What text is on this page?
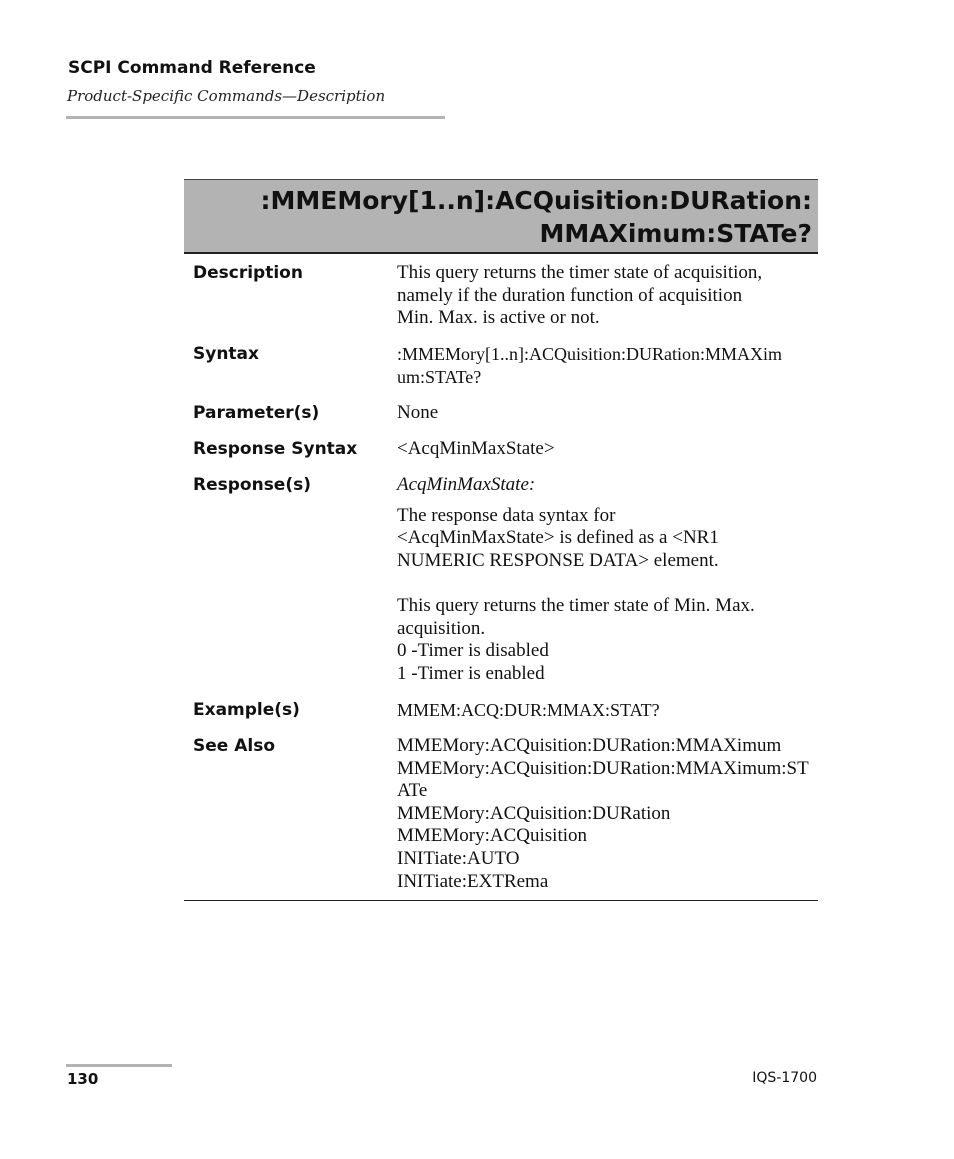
SCPI Command Reference
Product-Specific Commands—Description
:MMEMory[1..n]:ACQuisition:DURation:
MMAXimum:STATe?
Description	This query returns the timer state of acquisition,
namely if the duration function of acquisition
Min. Max. is active or not.
Syntax	:MMEMory[1..n]:ACQuisition:DURation:MMAXim
um:STATe?
Parameter(s)	None
Response Syntax <AcqMinMaxState>
Response(s)	AcqMinMaxState:
The response data syntax for
<AcqMinMaxState> is defined as a <NR1
NUMERIC RESPONSE DATA> element.
This query returns the timer state of Min. Max.
acquisition.
0 -Timer is disabled
1 -Timer is enabled
Example(s)	MMEM:ACQ:DUR:MMAX:STAT?
See Also	MMEMory:ACQuisition:DURation:MMAXimum
MMEMory:ACQuisition:DURation:MMAXimum:ST
ATe
MMEMory:ACQuisition:DURation
MMEMory:ACQuisition
INITiate:AUTO
INITiate:EXTRema
130	IQS-1700
